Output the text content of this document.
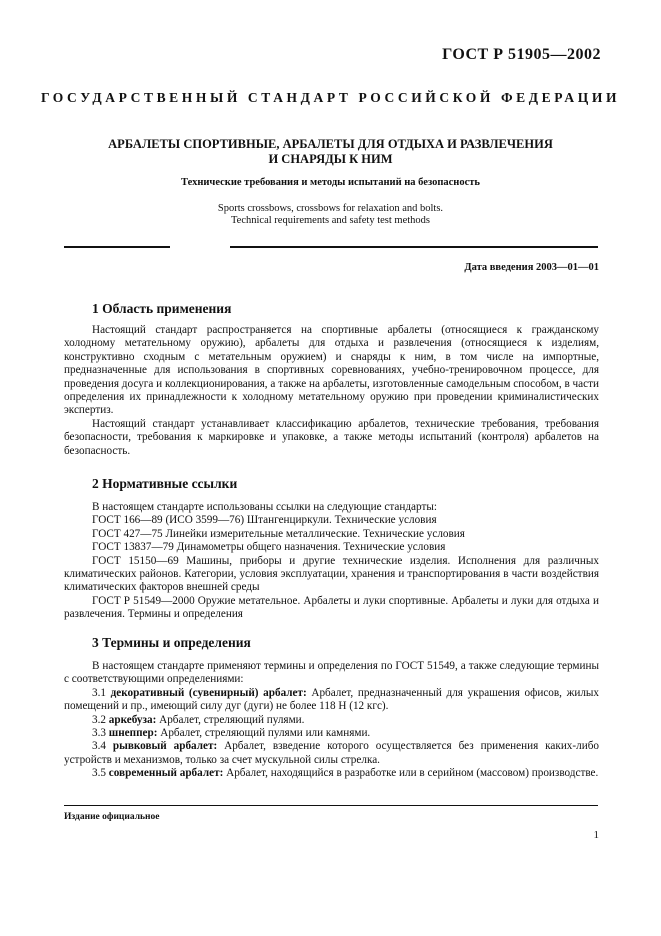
ГОСТ Р 51905—2002
ГОСУДАРСТВЕННЫЙ СТАНДАРТ РОССИЙСКОЙ ФЕДЕРАЦИИ
АРБАЛЕТЫ СПОРТИВНЫЕ, АРБАЛЕТЫ ДЛЯ ОТДЫХА И РАЗВЛЕЧЕНИЯ
И СНАРЯДЫ К НИМ
Технические требования и методы испытаний на безопасность
Sports crossbows, crossbows for relaxation and bolts.
Technical requirements and safety test methods
Дата введения 2003—01—01
1 Область применения

Настоящий стандарт распространяется на спортивные арбалеты (относящиеся к гражданскому холодному метательному оружию), арбалеты для отдыха и развлечения (относящиеся к изделиям, конструктивно сходным с метательным оружием) и снаряды к ним, в том числе на импортные, предназначенные для использования в спортивных соревнованиях, учебно-тренировочном процессе, для проведения досуга и коллекционирования, а также на арбалеты, изготовленные самодельным способом, в части определения их принадлежности к холодному метательному оружию при проведении криминалистических экспертиз.

Настоящий стандарт устанавливает классификацию арбалетов, технические требования, требования безопасности, требования к маркировке и упаковке, а также методы испытаний (контроля) арбалетов на безопасность.

2 Нормативные ссылки

В настоящем стандарте использованы ссылки на следующие стандарты:

ГОСТ 166—89 (ИСО 3599—76) Штангенциркули. Технические условия

ГОСТ 427—75 Линейки измерительные металлические. Технические условия

ГОСТ 13837—79 Динамометры общего назначения. Технические условия

ГОСТ 15150—69 Машины, приборы и другие технические изделия. Исполнения для различных климатических районов. Категории, условия эксплуатации, хранения и транспортирования в части воздействия климатических факторов внешней среды

ГОСТ Р 51549—2000 Оружие метательное. Арбалеты и луки спортивные. Арбалеты и луки для отдыха и развлечения. Термины и определения

3 Термины и определения

В настоящем стандарте применяют термины и определения по ГОСТ 51549, а также следующие термины с соответствующими определениями:

3.1 декоративный (сувенирный) арбалет: Арбалет, предназначенный для украшения офисов, жилых помещений и пр., имеющий силу дуг (дуги) не более 118 Н (12 кгс).

3.2 аркебуза: Арбалет, стреляющий пулями.

3.3 шнеппер: Арбалет, стреляющий пулями или камнями.

3.4 рывковый арбалет: Арбалет, взведение которого осуществляется без применения каких-либо устройств и механизмов, только за счет мускульной силы стрелка.

3.5 современный арбалет: Арбалет, находящийся в разработке или в серийном (массовом) производстве.

Издание официальное
1
